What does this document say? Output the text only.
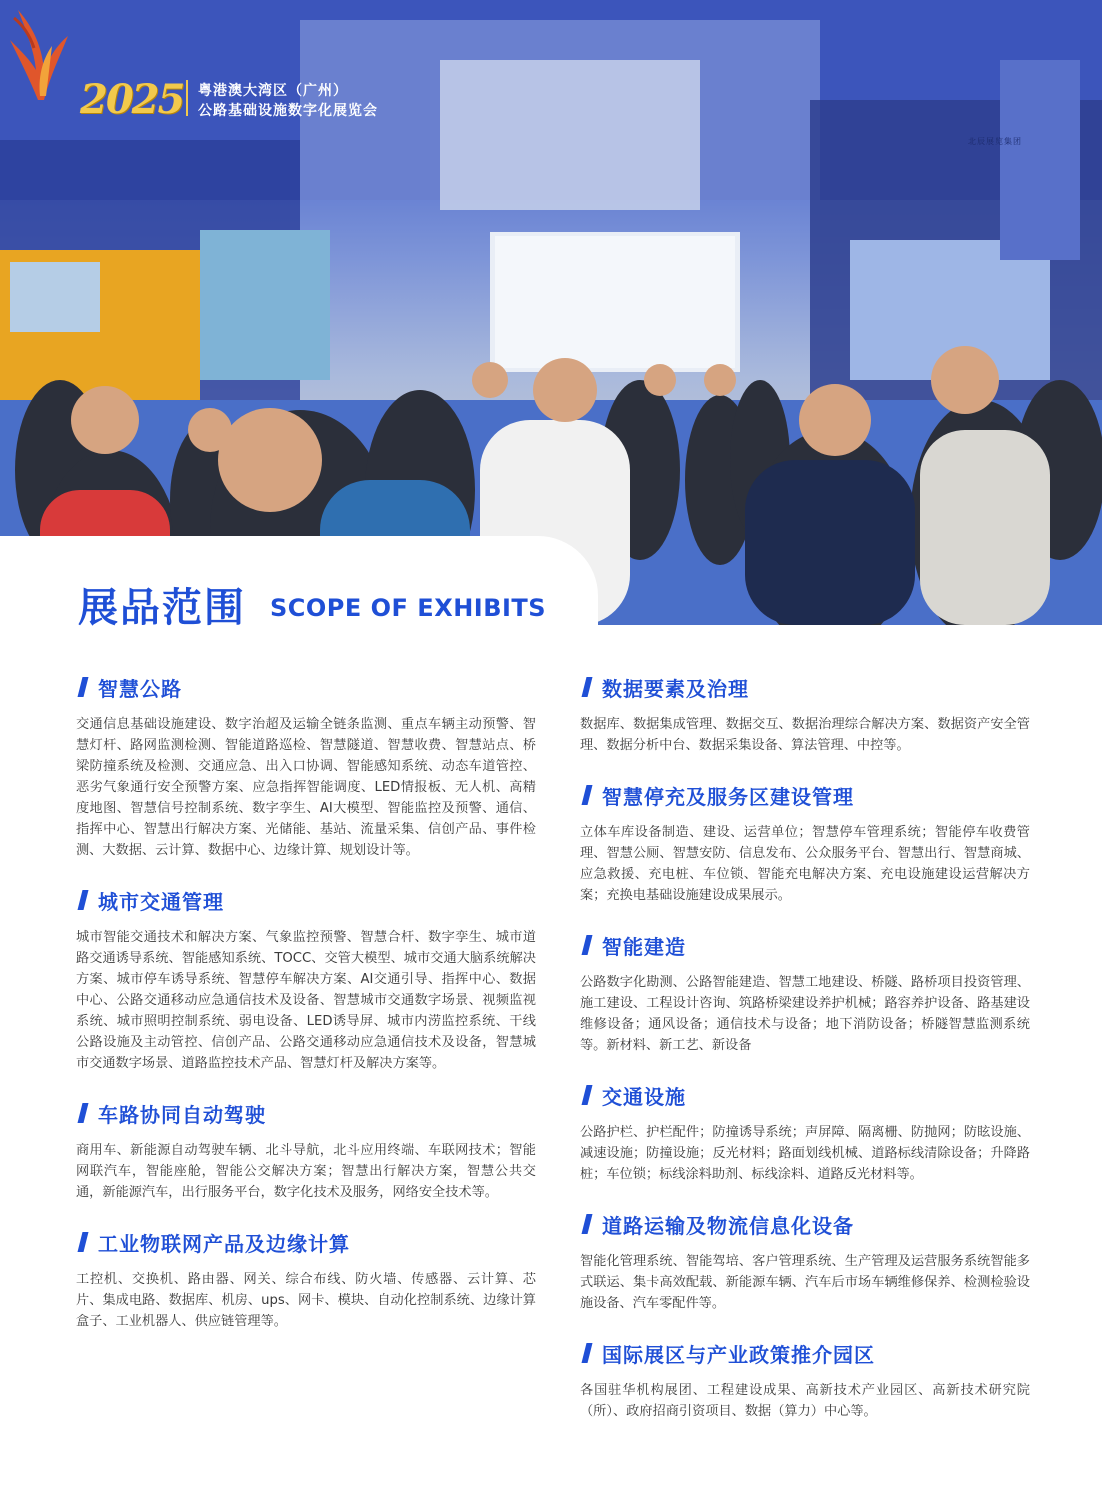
2025 粤港澳大湾区（广州）
公路基础设施数字化展览会
北辰展览集团
展品范围 SCOPE OF EXHIBITS
智慧公路

交通信息基础设施建设、数字治超及运输全链条监测、重点车辆主动预警、智慧灯杆、路网监测检测、智能道路巡检、智慧隧道、智慧收费、智慧站点、桥梁防撞系统及检测、交通应急、出入口协调、智能感知系统、动态车道管控、恶劣气象通行安全预警方案、应急指挥智能调度、LED情报板、无人机、高精度地图、智慧信号控制系统、数字孪生、AI大模型、智能监控及预警、通信、指挥中心、智慧出行解决方案、光储能、基站、流量采集、信创产品、事件检测、大数据、云计算、数据中心、边缘计算、规划设计等。

城市交通管理

城市智能交通技术和解决方案、气象监控预警、智慧合杆、数字孪生、城市道路交通诱导系统、智能感知系统、TOCC、交管大模型、城市交通大脑系统解决方案、城市停车诱导系统、智慧停车解决方案、AI交通引导、指挥中心、数据中心、公路交通移动应急通信技术及设备、智慧城市交通数字场景、视频监视系统、城市照明控制系统、弱电设备、LED诱导屏、城市内涝监控系统、干线公路设施及主动管控、信创产品、公路交通移动应急通信技术及设备，智慧城市交通数字场景、道路监控技术产品、智慧灯杆及解决方案等。

车路协同自动驾驶

商用车、新能源自动驾驶车辆、北斗导航，北斗应用终端、车联网技术；智能网联汽车，智能座舱，智能公交解决方案；智慧出行解决方案，智慧公共交通，新能源汽车，出行服务平台，数字化技术及服务，网络安全技术等。

工业物联网产品及边缘计算

工控机、交换机、路由器、网关、综合布线、防火墙、传感器、云计算、芯片、集成电路、数据库、机房、ups、网卡、模块、自动化控制系统、边缘计算盒子、工业机器人、供应链管理等。

数据要素及治理

数据库、数据集成管理、数据交互、数据治理综合解决方案、数据资产安全管理、数据分析中台、数据采集设备、算法管理、中控等。

智慧停充及服务区建设管理

立体车库设备制造、建设、运营单位；智慧停车管理系统；智能停车收费管理、智慧公厕、智慧安防、信息发布、公众服务平台、智慧出行、智慧商城、应急救援、充电桩、车位锁、智能充电解决方案、充电设施建设运营解决方案；充换电基础设施建设成果展示。

智能建造

公路数字化勘测、公路智能建造、智慧工地建设、桥隧、路桥项目投资管理、施工建设、工程设计咨询、筑路桥梁建设养护机械；路容养护设备、路基建设维修设备；通风设备；通信技术与设备；地下消防设备；桥隧智慧监测系统等。新材料、新工艺、新设备

交通设施

公路护栏、护栏配件；防撞诱导系统；声屏障、隔离栅、防抛网；防眩设施、减速设施；防撞设施；反光材料；路面划线机械、道路标线清除设备；升降路桩；车位锁；标线涂料助剂、标线涂料、道路反光材料等。

道路运输及物流信息化设备

智能化管理系统、智能驾培、客户管理系统、生产管理及运营服务系统智能多式联运、集卡高效配载、新能源车辆、汽车后市场车辆维修保养、检测检验设施设备、汽车零配件等。

国际展区与产业政策推介园区

各国驻华机构展团、工程建设成果、高新技术产业园区、高新技术研究院（所）、政府招商引资项目、数据（算力）中心等。
